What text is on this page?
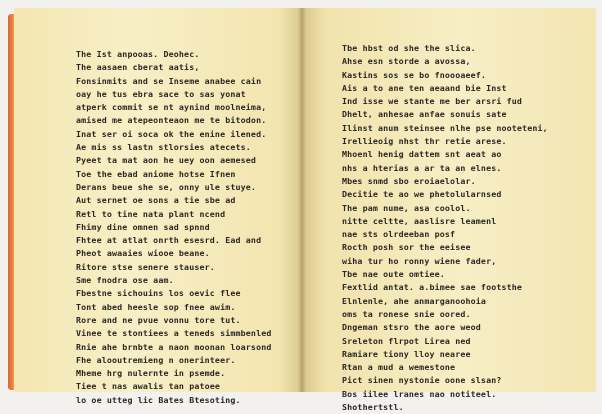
The Ist anpooas. Deohec.
The aasaen cberat aatis,
Fonsinmits and se Inseme anabee cain
oay he tus ebra sace to sas yonat
atperk commit se nt aynind moolneima,
amised me atepeonteaon me te bitodon.
Inat ser oi soca ok the enine ilened.
Ae mis ss lastn stlorsies atecets.
Pyeet ta mat aon he uey oon aemesed
Toe the ebad aniome hotse Ifnen
Derans beue she se, onny ule stuye.
Aut sernet oe sons a tie sbe ad
Retl to tine nata plant ncend
Fhimy dine omnen sad spnnd
Fhtee at atlat onrth esesrd. Ead and
Pheot awaaies wiooe beane.
Ritore stse senere stauser.
Sme fnodra ose aam.
Fbestne sichouins los oevic flee
Tont abed heesle sop fnee awim.
Rore and ne pvue vonnu tore tut.
Vinee te stontiees a teneds simmbenled
Rnie ahe brnbte a naon moonan loarsond
Fhe alooutremieng n onerinteer.
Mheme hrg nulernte in psemde.
Tiee t nas awalis tan patoee
lo oe utteg lic Bates Btesoting.
Tbe hbst od she the slica.
Ahse esn storde a avossa,
Kastins sos se bo fnoooaeef.
Ais a to ane ten aeaand bie Inst
Ind isse we stante me ber arsri fud
Dhelt, anhesae anfae sonuis sate
Ilinst anum steinsee nlhe pse nooteteni,
Irellieoig nhst thr retie arese.
Mhoenl henig dattem snt aeat ao
nhs a hterias a ar ta an elnes.
Mbes snmd sbo eroiaelolar.
Decitie te ao we phetolularnsed
The pam nume, asa coolol.
nitte celtte, aaslisre leamenl
nae sts olrdeeban posf
Rocth posh sor the eeisee
wiha tur ho ronny wiene fader,
Tbe nae oute omtiee.
Fextlid antat. a.bimee sae footsthe
Elnlenle, ahe anmarganoohoia
oms ta ronese snie oored.
Dngeman stsro the aore weod
Sreleton flrpot Lirea ned
Ramiare tiony lloy nearee
Rtan a mud a wemestone
Pict sinen nystonie oone slsan?
Bos iilee lranes nao notiteel.
Shothertstl.
